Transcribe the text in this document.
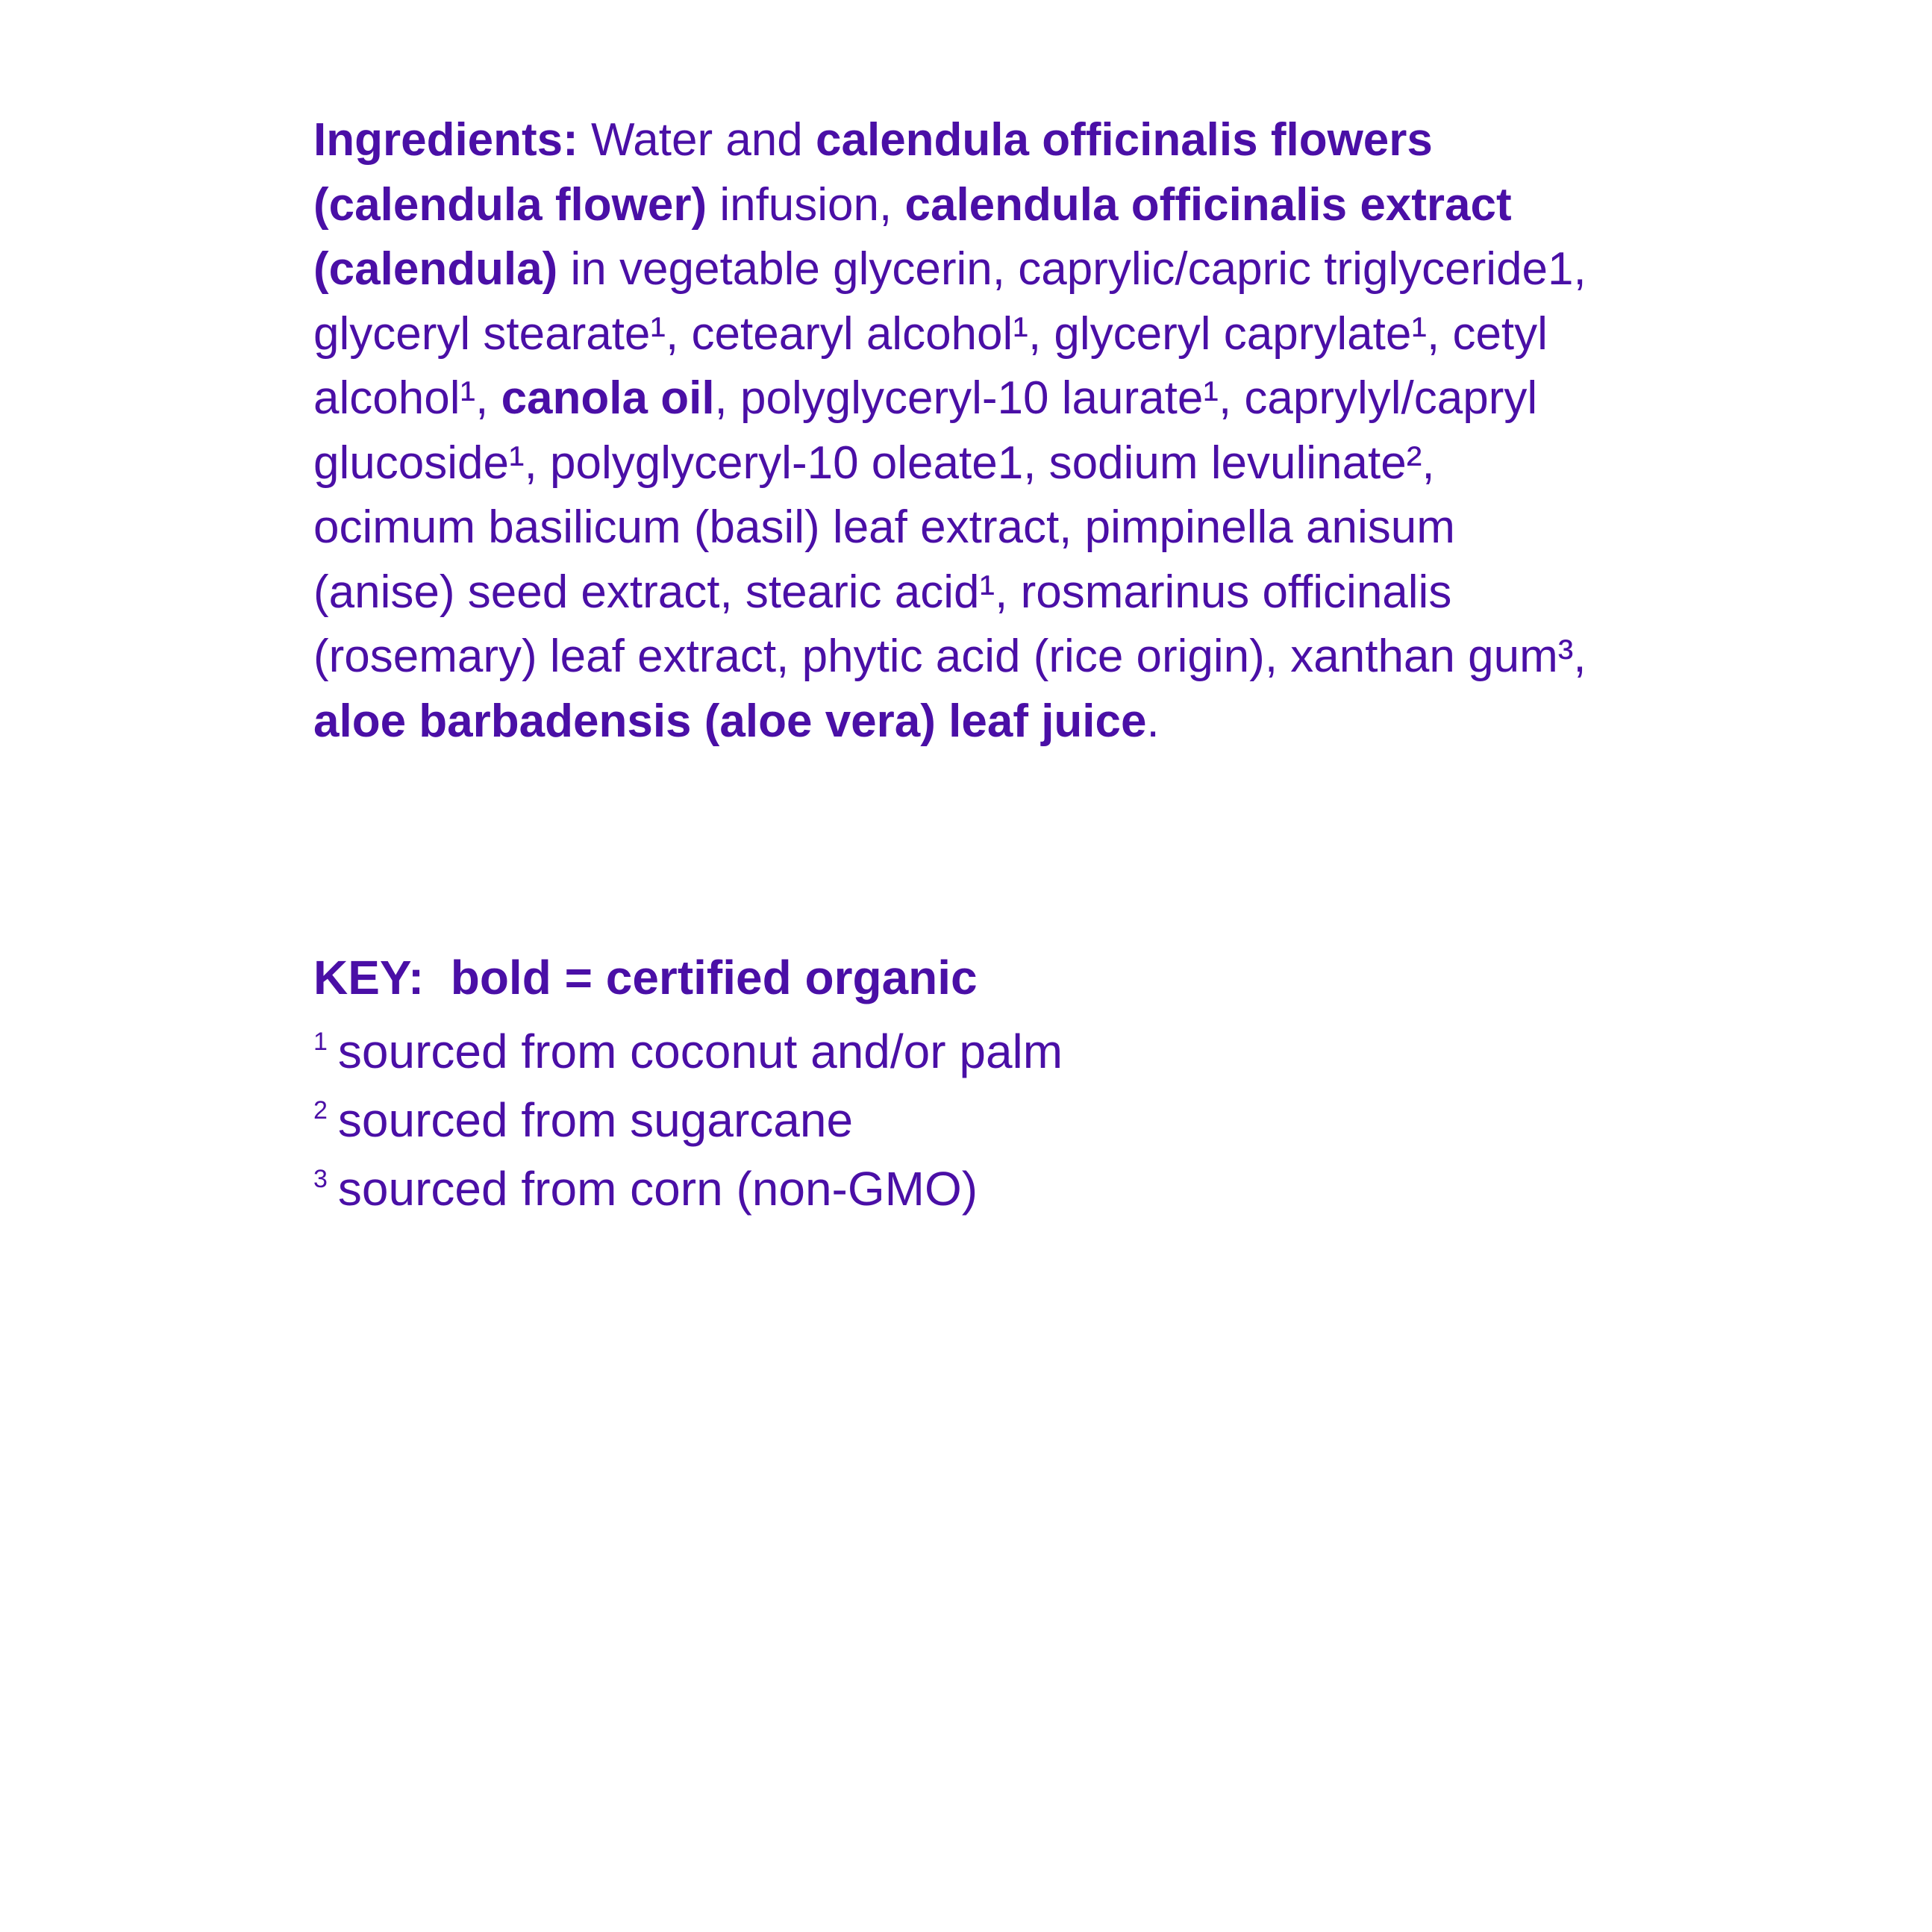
Ingredients: Water and calendula officinalis flowers (calendula flower) infusion, calendula officinalis extract (calendula) in vegetable glycerin, caprylic/capric triglyceride1, glyceryl stearate¹, cetearyl alcohol¹, glyceryl caprylate¹, cetyl alcohol¹, canola oil, polyglyceryl-10 laurate¹, caprylyl/capryl glucoside¹, polyglyceryl-10 oleate1, sodium levulinate², ocimum basilicum (basil) leaf extract, pimpinella anisum (anise) seed extract, stearic acid¹, rosmarinus officinalis (rosemary) leaf extract, phytic acid (rice origin), xanthan gum³, aloe barbadensis (aloe vera) leaf juice.

KEY:  bold = certified organic

$^1$ sourced from coconut and/or palm

$^2$ sourced from sugarcane

$^3$ sourced from corn (non-GMO)
